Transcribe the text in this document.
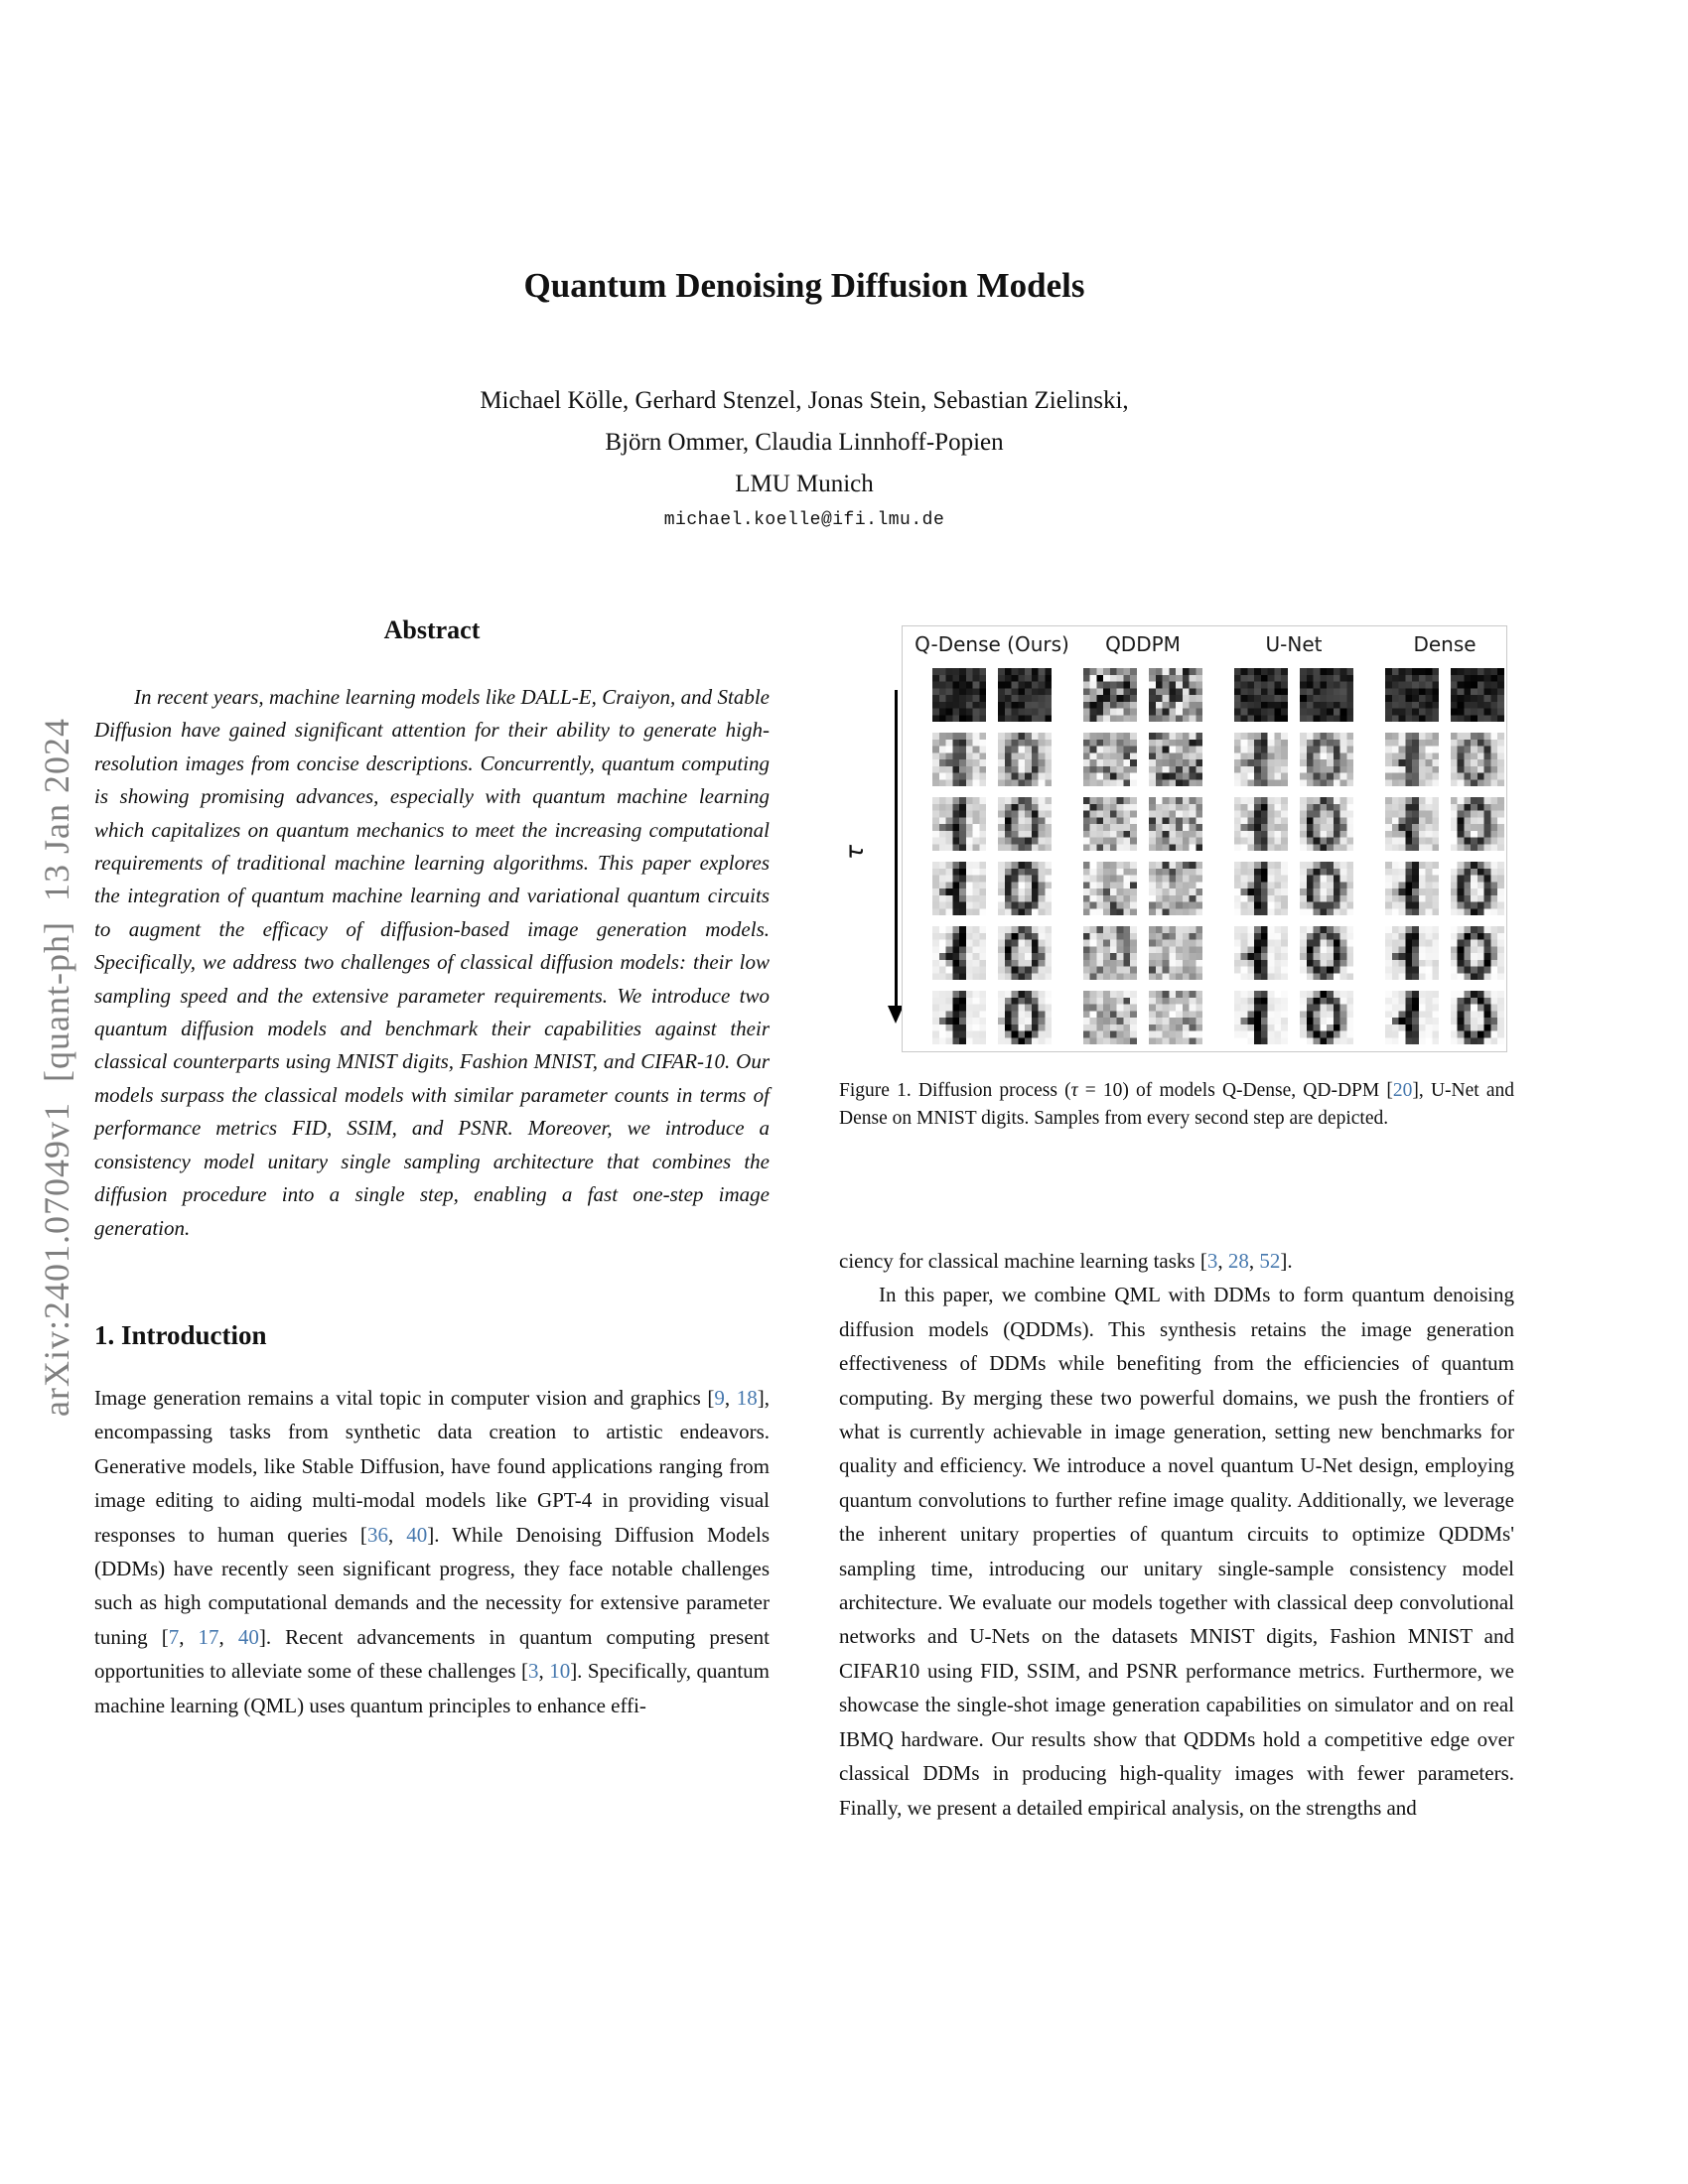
arXiv:2401.07049v1  [quant-ph]  13 Jan 2024
Quantum Denoising Diffusion Models
Michael Kölle, Gerhard Stenzel, Jonas Stein, Sebastian Zielinski,
Björn Ommer, Claudia Linnhoff-Popien
LMU Munich
michael.koelle@ifi.lmu.de
Abstract

In recent years, machine learning models like DALL-E, Craiyon, and Stable Diffusion have gained significant attention for their ability to generate high-resolution images from concise descriptions. Concurrently, quantum computing is showing promising advances, especially with quantum machine learning which capitalizes on quantum mechanics to meet the increasing computational requirements of traditional machine learning algorithms. This paper explores the integration of quantum machine learning and variational quantum circuits to augment the efficacy of diffusion-based image generation models. Specifically, we address two challenges of classical diffusion models: their low sampling speed and the extensive parameter requirements. We introduce two quantum diffusion models and benchmark their capabilities against their classical counterparts using MNIST digits, Fashion MNIST, and CIFAR-10. Our models surpass the classical models with similar parameter counts in terms of performance metrics FID, SSIM, and PSNR. Moreover, we introduce a consistency model unitary single sampling architecture that combines the diffusion procedure into a single step, enabling a fast one-step image generation.

1. Introduction

Image generation remains a vital topic in computer vision and graphics [9, 18], encompassing tasks from synthetic data creation to artistic endeavors. Generative models, like Stable Diffusion, have found applications ranging from image editing to aiding multi-modal models like GPT-4 in providing visual responses to human queries [36, 40]. While Denoising Diffusion Models (DDMs) have recently seen significant progress, they face notable challenges such as high computational demands and the necessity for extensive parameter tuning [7, 17, 40]. Recent advancements in quantum computing present opportunities to alleviate some of these challenges [3, 10]. Specifically, quantum machine learning (QML) uses quantum principles to enhance effi-

τ
Q-Dense (Ours)	QDDPM	U-Net	Dense
Figure 1. Diffusion process (τ = 10) of models Q-Dense, QD-DPM [20], U-Net and Dense on MNIST digits. Samples from every second step are depicted.

ciency for classical machine learning tasks [3, 28, 52].

In this paper, we combine QML with DDMs to form quantum denoising diffusion models (QDDMs). This synthesis retains the image generation effectiveness of DDMs while benefiting from the efficiencies of quantum computing. By merging these two powerful domains, we push the frontiers of what is currently achievable in image generation, setting new benchmarks for quality and efficiency. We introduce a novel quantum U-Net design, employing quantum convolutions to further refine image quality. Additionally, we leverage the inherent unitary properties of quantum circuits to optimize QDDMs' sampling time, introducing our unitary single-sample consistency model architecture. We evaluate our models together with classical deep convolutional networks and U-Nets on the datasets MNIST digits, Fashion MNIST and CIFAR10 using FID, SSIM, and PSNR performance metrics. Furthermore, we showcase the single-shot image generation capabilities on simulator and on real IBMQ hardware. Our results show that QDDMs hold a competitive edge over classical DDMs in producing high-quality images with fewer parameters. Finally, we present a detailed empirical analysis, on the strengths and
